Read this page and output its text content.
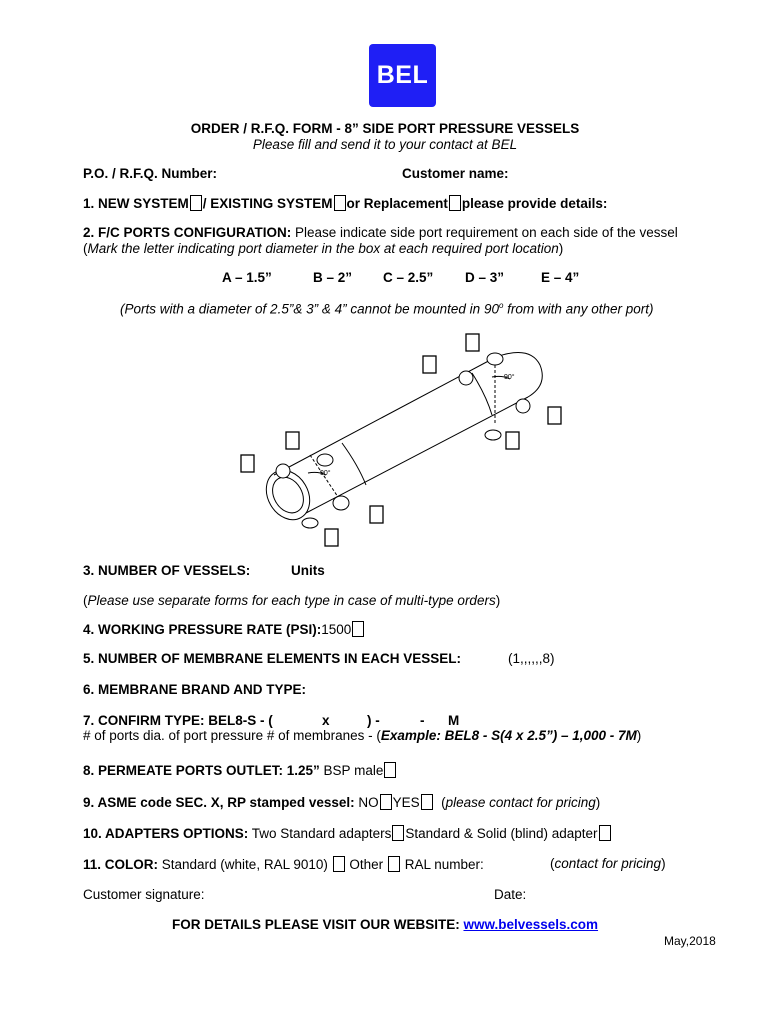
BEL
ORDER / R.F.Q. FORM - 8” SIDE PORT PRESSURE VESSELS
Please fill and send it to your contact at BEL
P.O. / R.F.Q. Number:	Customer name:
1. NEW SYSTEM / EXISTING SYSTEM or Replacement please provide details:
2. F/C PORTS CONFIGURATION: Please indicate side port requirement on each side of the vessel
(Mark the letter indicating port diameter in the box at each required port location)
A – 1.5”	B – 2” C – 2.5” D – 3”	E – 4”
(Ports with a diameter of 2.5”& 3” & 4” cannot be mounted in 90$^o$ from with any other port)
90°
90°
3. NUMBER OF VESSELS:	Units
(Please use separate forms for each type in case of multi-type orders)
4. WORKING PRESSURE RATE (PSI):1500
5. NUMBER OF MEMBRANE ELEMENTS IN EACH VESSEL:	(1,,,,,,8)
6. MEMBRANE BRAND AND TYPE:
7. CONFIRM TYPE: BEL8-S - (	x	) -	- M
# of ports dia. of port pressure # of membranes - (Example: BEL8 - S(4 x 2.5”) – 1,000 - 7M)
8. PERMEATE PORTS OUTLET: 1.25” BSP male
9. ASME code SEC. X, RP stamped vessel: NO YES  (please contact for pricing)
10. ADAPTERS OPTIONS: Two Standard adapters Standard & Solid (blind) adapter
11. COLOR: Standard (white, RAL 9010) Other RAL number:	(contact for pricing)
Customer signature:	Date:
FOR DETAILS PLEASE VISIT OUR WEBSITE: www.belvessels.com
May,2018
